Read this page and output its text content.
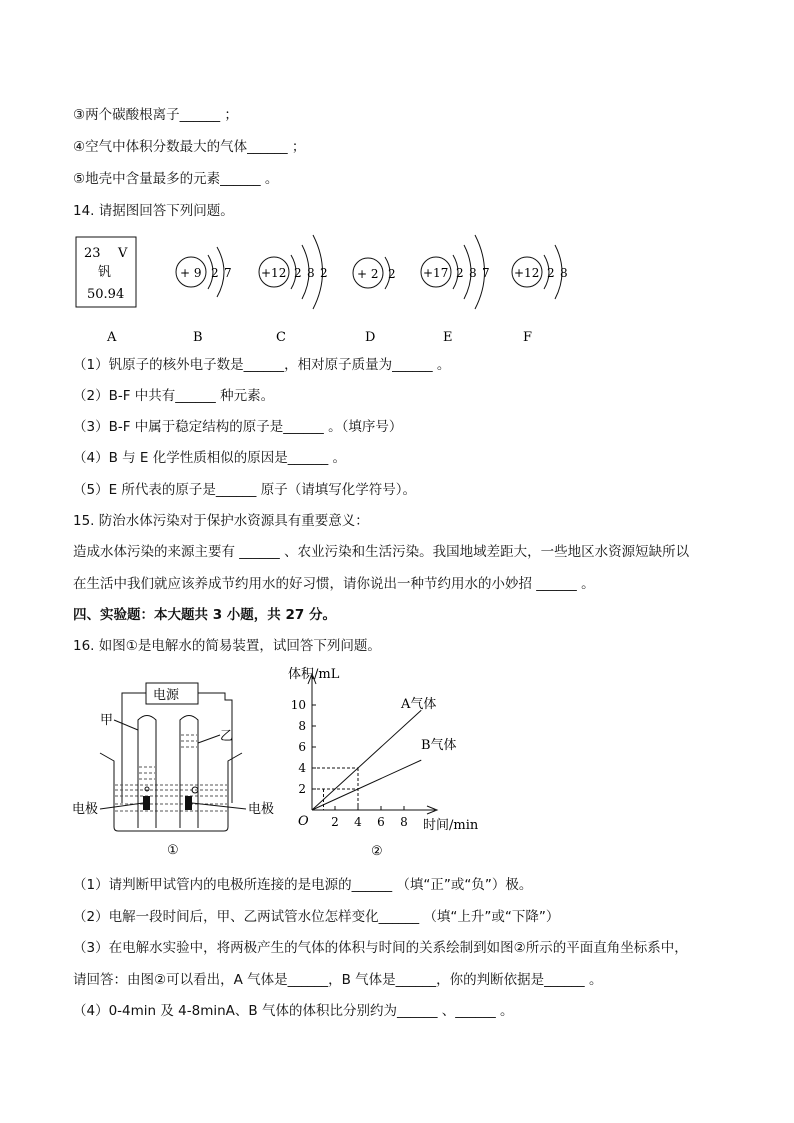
③两个碳酸根离子______ ；
④空气中体积分数最大的气体______ ；
⑤地壳中含量最多的元素______ 。
14. 请据图回答下列问题。
23 V
钒
50.94
+ 9 2 7 +12 2 8 2 + 2 2 +17 2 8 7 +12 2 8
A	B	C	D	E	F
（1）钒原子的核外电子数是______，相对原子质量为______ 。
（2）B-F 中共有______ 种元素。
（3）B-F 中属于稳定结构的原子是______ 。（填序号）
（4）B 与 E 化学性质相似的原因是______ 。
（5）E 所代表的原子是______ 原子（请填写化学符号）。
15. 防治水体污染对于保护水资源具有重要意义：
造成水体污染的来源主要有 ______ 、农业污染和生活污染。我国地域差距大，一些地区水资源短缺所以
在生活中我们就应该养成节约用水的好习惯，请你说出一种节约用水的小妙招 ______ 。
四、实验题：本大题共 3 小题，共 27 分。
16. 如图①是电解水的简易装置，试回答下列问题。
电源
甲
乙
电极	电极
①
体积/mL
时间/min
O
2
4
6
8
10
2 4 6 8
A气体
B气体
②
（1）请判断甲试管内的电极所连接的是电源的______ （填“正”或“负”）极。
（2）电解一段时间后，甲、乙两试管水位怎样变化______ （填“上升”或“下降”）
（3）在电解水实验中，将两极产生的气体的体积与时间的关系绘制到如图②所示的平面直角坐标系中，
请回答：由图②可以看出，A 气体是______，B 气体是______，你的判断依据是______ 。
（4）0-4min 及 4-8minA、B 气体的体积比分别约为______ 、______ 。
